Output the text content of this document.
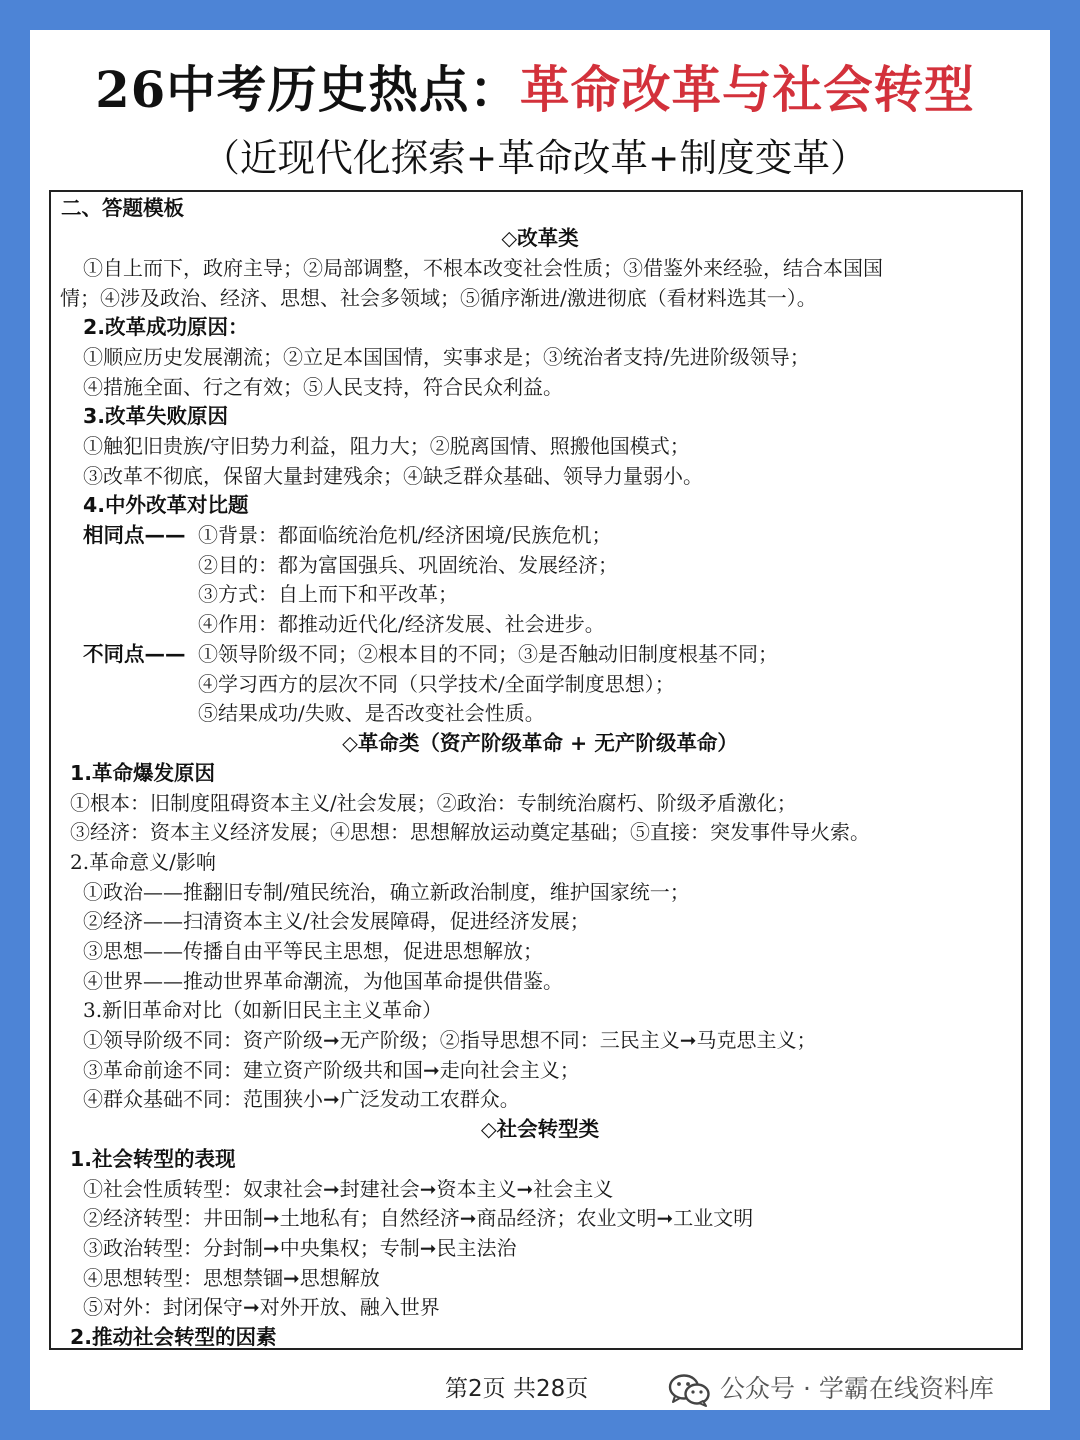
26中考历史热点：革命改革与社会转型
（近现代化探索+革命改革+制度变革）
二、答题模板
◇改革类
①自上而下，政府主导；②局部调整，不根本改变社会性质；③借鉴外来经验，结合本国国
情；④涉及政治、经济、思想、社会多领域；⑤循序渐进/激进彻底（看材料选其一）。
2.改革成功原因：
①顺应历史发展潮流；②立足本国国情，实事求是；③统治者支持/先进阶级领导；
④措施全面、行之有效；⑤人民支持，符合民众利益。
3.改革失败原因
①触犯旧贵族/守旧势力利益，阻力大；②脱离国情、照搬他国模式；
③改革不彻底，保留大量封建残余；④缺乏群众基础、领导力量弱小。
4.中外改革对比题
相同点—— ①背景：都面临统治危机/经济困境/民族危机；
②目的：都为富国强兵、巩固统治、发展经济；
③方式：自上而下和平改革；
④作用：都推动近代化/经济发展、社会进步。
不同点—— ①领导阶级不同；②根本目的不同；③是否触动旧制度根基不同；
④学习西方的层次不同（只学技术/全面学制度思想）；
⑤结果成功/失败、是否改变社会性质。
◇革命类（资产阶级革命 + 无产阶级革命）
1.革命爆发原因
①根本：旧制度阻碍资本主义/社会发展；②政治：专制统治腐朽、阶级矛盾激化；
③经济：资本主义经济发展；④思想：思想解放运动奠定基础；⑤直接：突发事件导火索。
2.革命意义/影响
①政治——推翻旧专制/殖民统治，确立新政治制度，维护国家统一；
②经济——扫清资本主义/社会发展障碍，促进经济发展；
③思想——传播自由平等民主思想，促进思想解放；
④世界——推动世界革命潮流，为他国革命提供借鉴。
3.新旧革命对比（如新旧民主主义革命）
①领导阶级不同：资产阶级➞无产阶级；②指导思想不同：三民主义➞马克思主义；
③革命前途不同：建立资产阶级共和国➞走向社会主义；
④群众基础不同：范围狭小➞广泛发动工农群众。
◇社会转型类
1.社会转型的表现
①社会性质转型：奴隶社会➞封建社会➞资本主义➞社会主义
②经济转型：井田制➞土地私有；自然经济➞商品经济；农业文明➞工业文明
③政治转型：分封制➞中央集权；专制➞民主法治
④思想转型：思想禁锢➞思想解放
⑤对外：封闭保守➞对外开放、融入世界
2.推动社会转型的因素
第2页 共28页	公众号 · 学霸在线资料库
